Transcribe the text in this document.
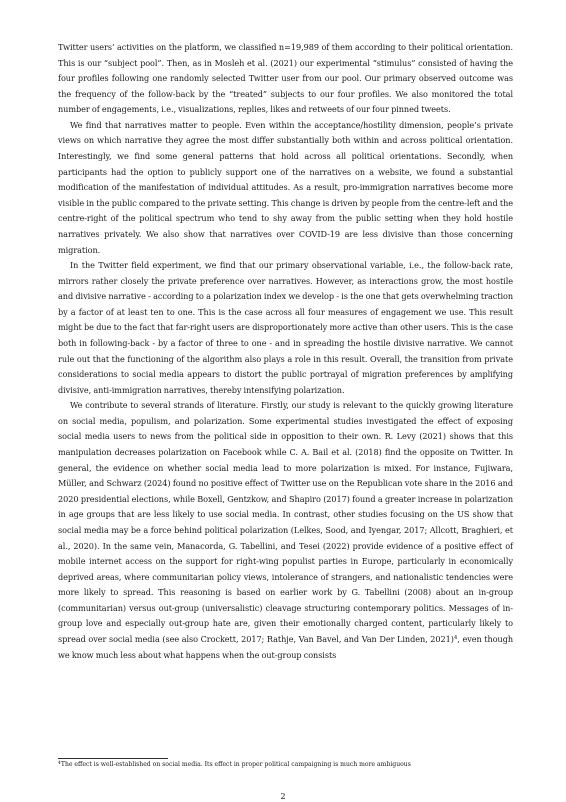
Twitter users’ activities on the platform, we classified n=19,989 of them according to their political orientation. This is our “subject pool”. Then, as in Mosleh et al. (2021) our experimental “stimulus” consisted of having the four profiles following one randomly selected Twitter user from our pool. Our primary observed outcome was the frequency of the follow-back by the “treated” subjects to our four profiles. We also monitored the total number of engagements, i.e., visualizations, replies, likes and retweets of our four pinned tweets.

We find that narratives matter to people. Even within the acceptance/hostility dimension, people’s private views on which narrative they agree the most differ substantially both within and across political orientation. Interestingly, we find some general patterns that hold across all political orientations. Secondly, when participants had the option to publicly support one of the narratives on a website, we found a substantial modification of the manifestation of individual attitudes. As a result, pro-immigration narratives become more visible in the public compared to the private setting. This change is driven by people from the centre-left and the centre-right of the political spectrum who tend to shy away from the public setting when they hold hostile narratives privately. We also show that narratives over COVID-19 are less divisive than those concerning migration.

In the Twitter field experiment, we find that our primary observational variable, i.e., the follow-back rate, mirrors rather closely the private preference over narratives. However, as interactions grow, the most hostile and divisive narrative - according to a polarization index we develop - is the one that gets overwhelming traction by a factor of at least ten to one. This is the case across all four measures of engagement we use. This result might be due to the fact that far-right users are disproportionately more active than other users. This is the case both in following-back - by a factor of three to one - and in spreading the hostile divisive narrative. We cannot rule out that the functioning of the algorithm also plays a role in this result. Overall, the transition from private considerations to social media appears to distort the public portrayal of migration preferences by amplifying divisive, anti-immigration narratives, thereby intensifying polarization.

We contribute to several strands of literature. Firstly, our study is relevant to the quickly growing literature on social media, populism, and polarization. Some experimental studies investigated the effect of exposing social media users to news from the political side in opposition to their own. R. Levy (2021) shows that this manipulation decreases polarization on Facebook while C. A. Bail et al. (2018) find the opposite on Twitter. In general, the evidence on whether social media lead to more polarization is mixed. For instance, Fujiwara, Müller, and Schwarz (2024) found no positive effect of Twitter use on the Republican vote share in the 2016 and 2020 presidential elections, while Boxell, Gentzkow, and Shapiro (2017) found a greater increase in polarization in age groups that are less likely to use social media. In contrast, other studies focusing on the US show that social media may be a force behind political polarization (Lelkes, Sood, and Iyengar, 2017; Allcott, Braghieri, et al., 2020). In the same vein, Manacorda, G. Tabellini, and Tesei (2022) provide evidence of a positive effect of mobile internet access on the support for right-wing populist parties in Europe, particularly in economically deprived areas, where communitarian policy views, intolerance of strangers, and nationalistic tendencies were more likely to spread. This reasoning is based on earlier work by G. Tabellini (2008) about an in-group (communitarian) versus out-group (universalistic) cleavage structuring contemporary politics. Messages of in-group love and especially out-group hate are, given their emotionally charged content, particularly likely to spread over social media (see also Crockett, 2017; Rathje, Van Bavel, and Van Der Linden, 2021)$^4$, even though we know much less about what happens when the out-group consists

$^4$The effect is well-established on social media. Its effect in proper political campaigning is much more ambiguous
2
